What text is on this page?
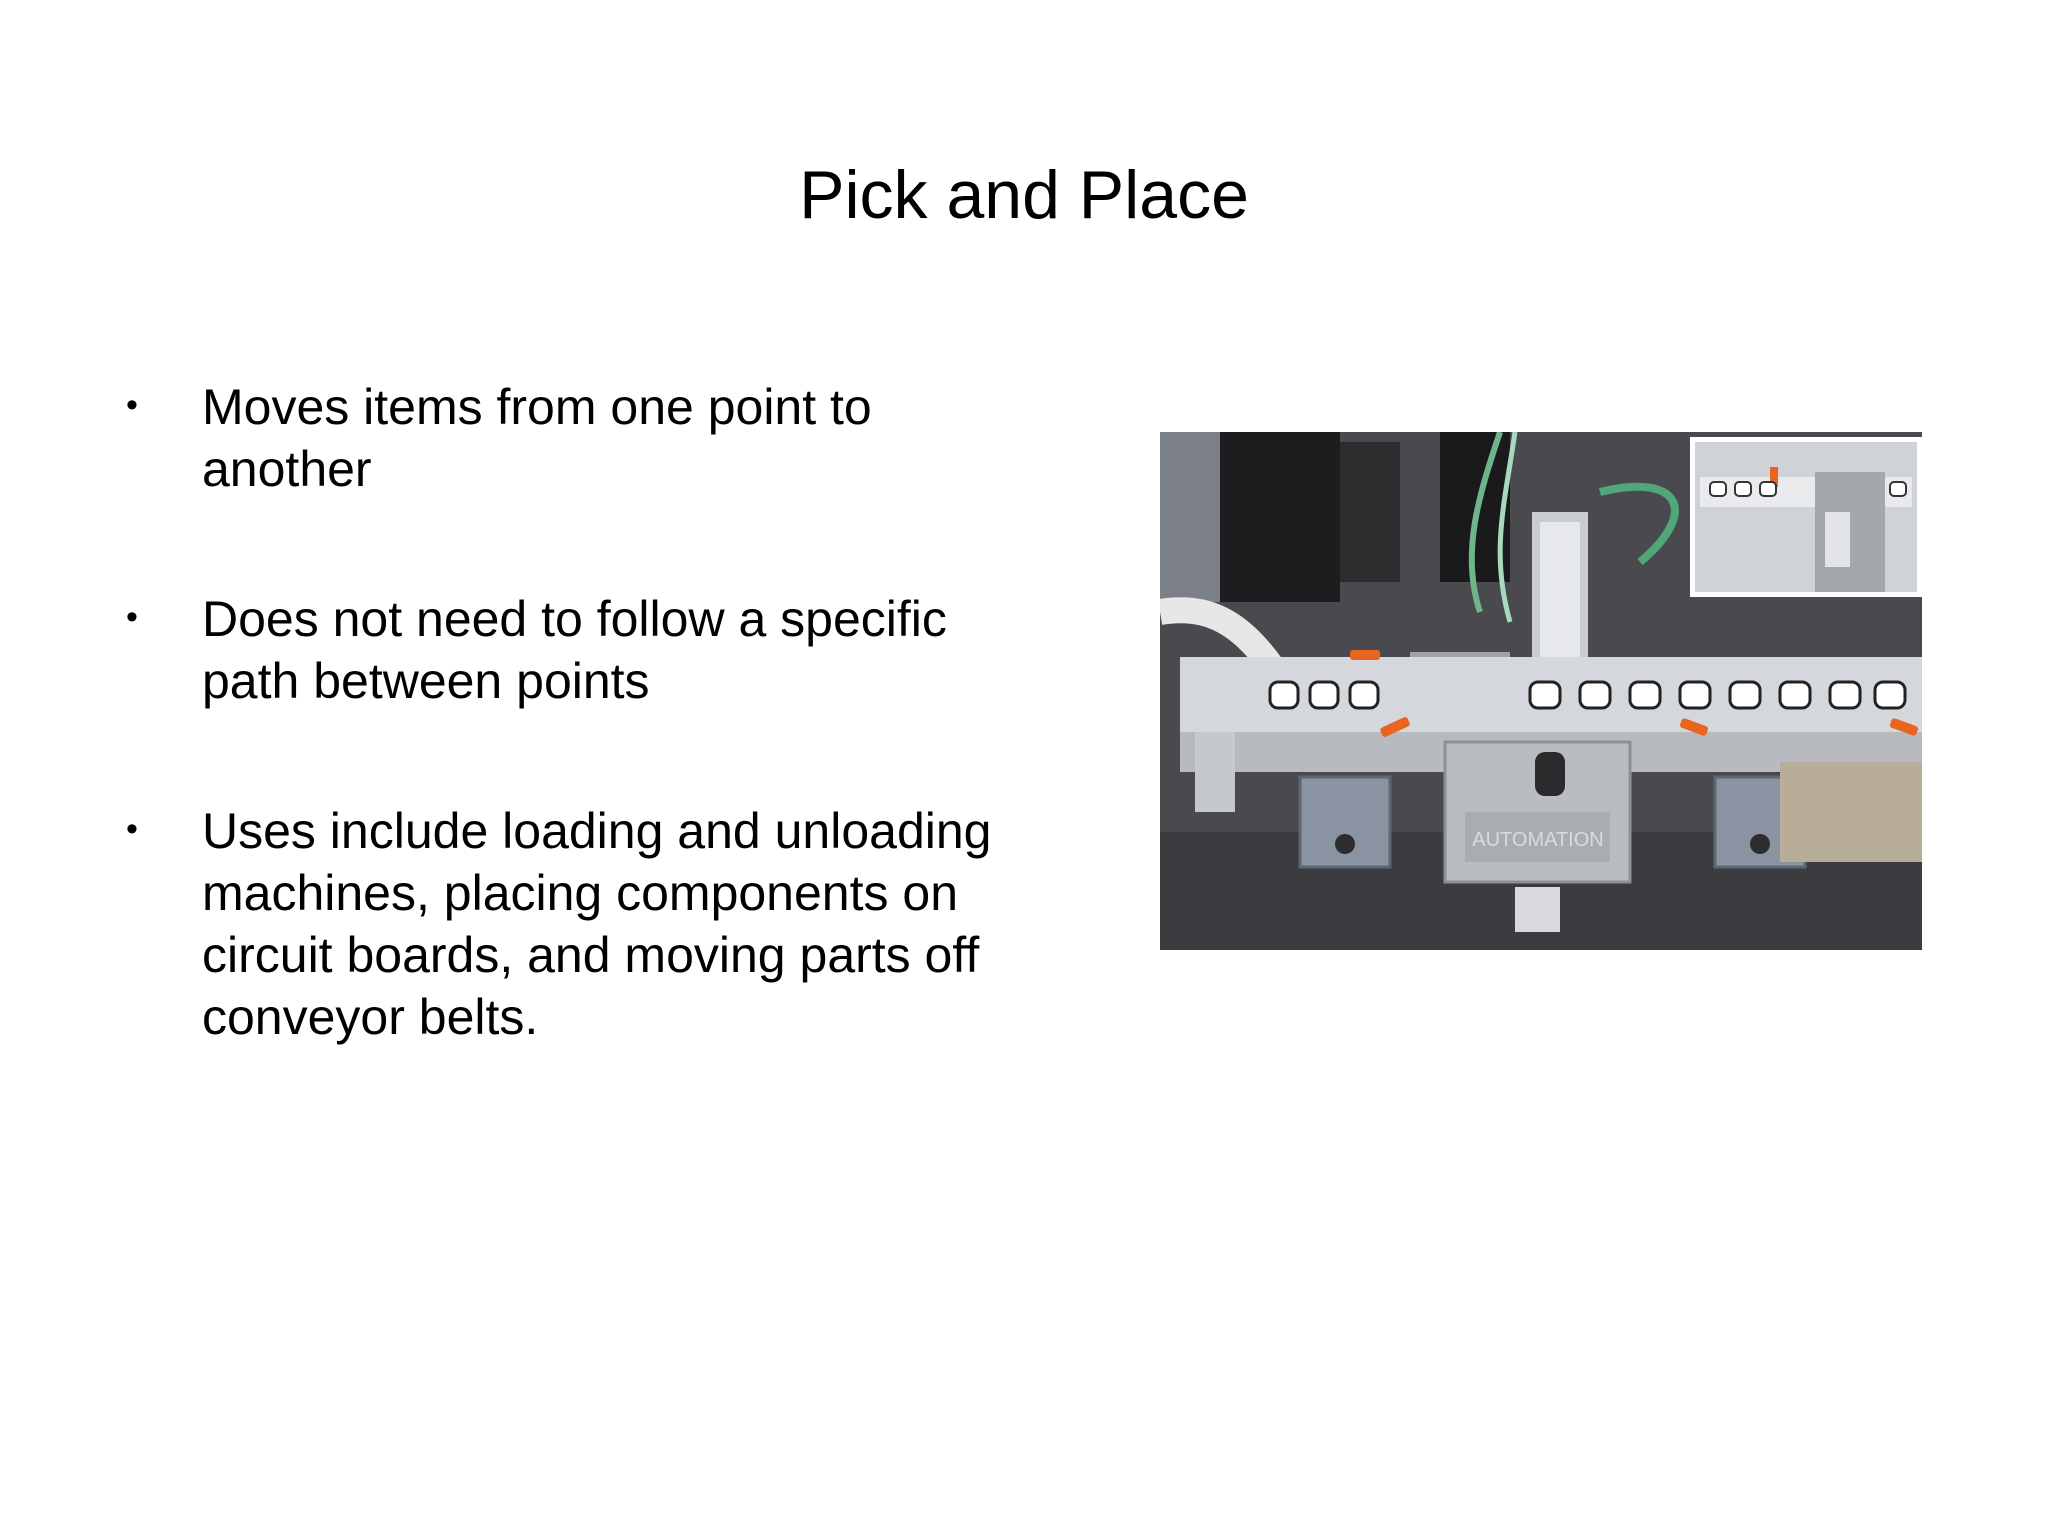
Pick and Place
• Moves items from one point to another
• Does not need to follow a specific path between points
• Uses include loading and unloading machines, placing components on circuit boards, and moving parts off conveyor belts.
AUTOMATION
